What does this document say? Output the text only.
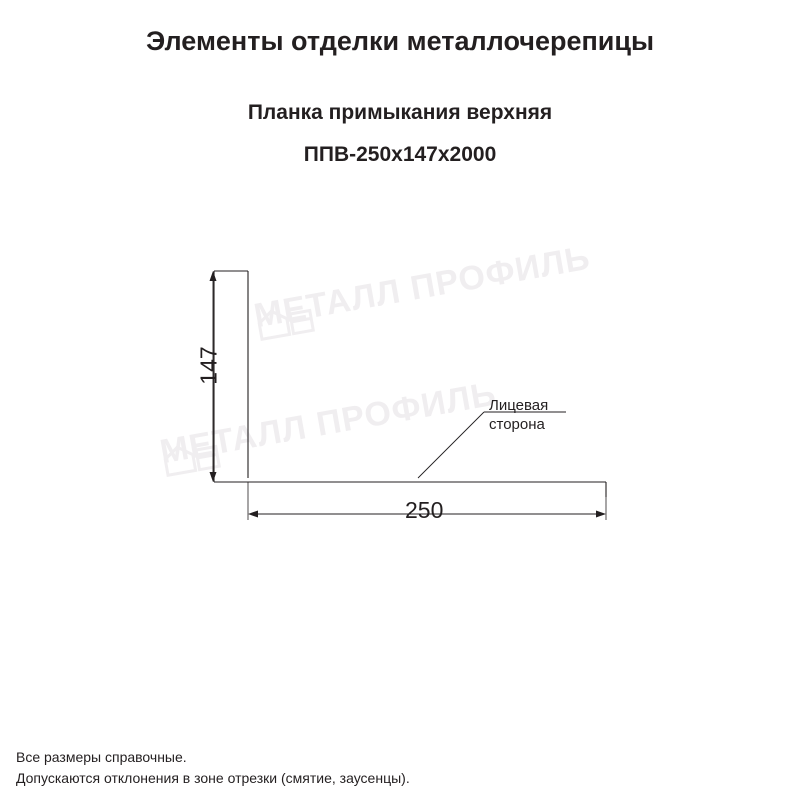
МЕТАЛЛ ПРОФИЛЬ
МЕТАЛЛ ПРОФИЛЬ
Элементы отделки металлочерепицы
Планка примыкания верхняя
ППВ-250х147х2000
147
250
Лицевая
сторона
Все размеры справочные.
Допускаются отклонения в зоне отрезки (смятие, заусенцы).
